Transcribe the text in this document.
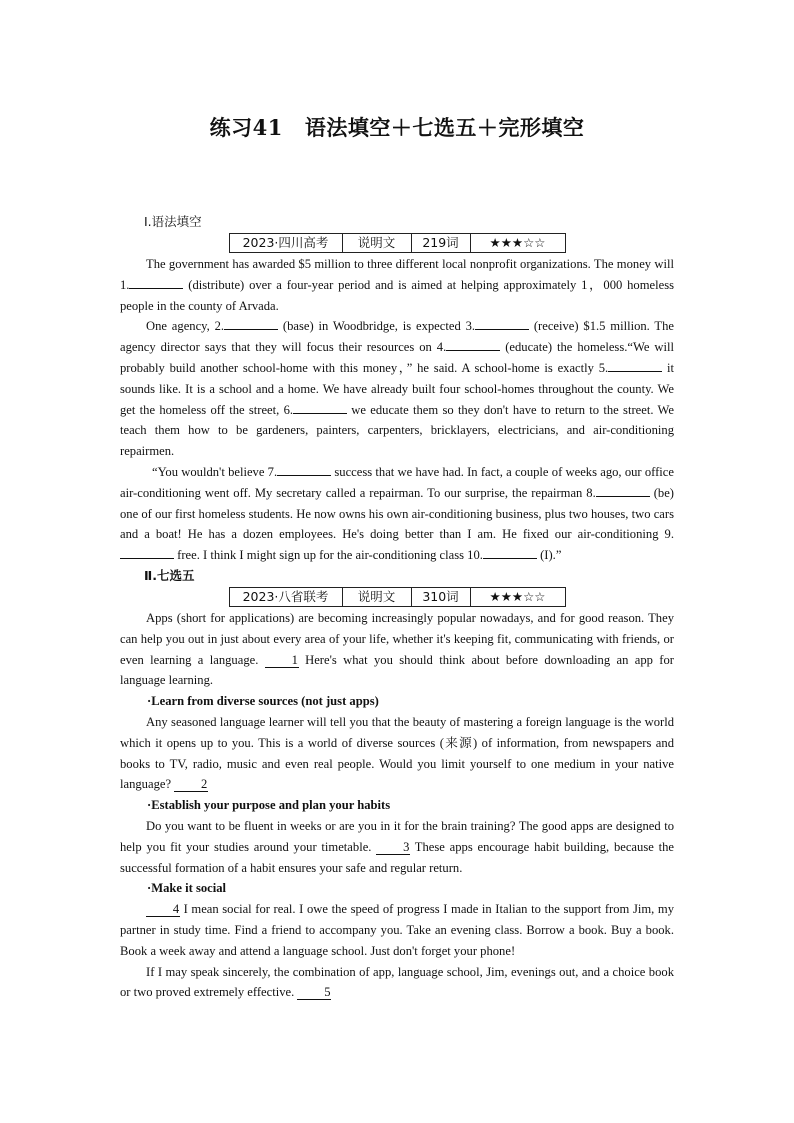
练习41 语法填空＋七选五＋完形填空
Ⅰ.语法填空
2023·四川高考	说明文	219词	★★★☆☆

The government has awarded $5 million to three different local nonprofit organizations. The money will 1.	(distribute) over a four-year period and is aimed at helping approximately 1，000 homeless people in the county of Arvada.

One agency, 2.	(base) in Woodbridge, is expected 3.	(receive) $1.5 million. The agency director says that they will focus their resources on 4.	(educate) the homeless.“We will probably build another school-home with this money，” he said. A school-home is exactly 5.	it sounds like. It is a school and a home. We have already built four school-homes throughout the county. We get the homeless off the street, 6.	we educate them so they don't have to return to the street. We teach them how to be gardeners, painters, carpenters, bricklayers, electricians, and air-conditioning repairmen.

“You wouldn't believe 7.	success that we have had. In fact, a couple of weeks ago, our office air-conditioning went off. My secretary called a repairman. To our surprise, the repairman 8.	(be) one of our first homeless students. He now owns his own air-conditioning business, plus two houses, two cars and a boat! He has a dozen employees. He's doing better than I am. He fixed our air-conditioning 9. free. I think I might sign up for the air-conditioning class 10.	(I).”

Ⅱ.七选五
2023·八省联考	说明文	310词	★★★☆☆

Apps (short for applications) are becoming increasingly popular nowadays, and for good reason. They can help you out in just about every area of your life, whether it's keeping fit, communicating with friends, or even learning a language. 1 Here's what you should think about before downloading an app for language learning.

·Learn from diverse sources (not just apps)

Any seasoned language learner will tell you that the beauty of mastering a foreign language is the world which it opens up to you. This is a world of diverse sources (来源) of information, from newspapers and books to TV, radio, music and even real people. Would you limit yourself to one medium in your native language? 2

·Establish your purpose and plan your habits

Do you want to be fluent in weeks or are you in it for the brain training? The good apps are designed to help you fit your studies around your timetable. 3 These apps encourage habit building, because the successful formation of a habit ensures your safe and regular return.

·Make it social

4 I mean social for real. I owe the speed of progress I made in Italian to the support from Jim, my partner in study time. Find a friend to accompany you. Take an evening class. Borrow a book. Buy a book. Book a week away and attend a language school. Just don't forget your phone!

If I may speak sincerely, the combination of app, language school, Jim, evenings out, and a choice book or two proved extremely effective. 5
